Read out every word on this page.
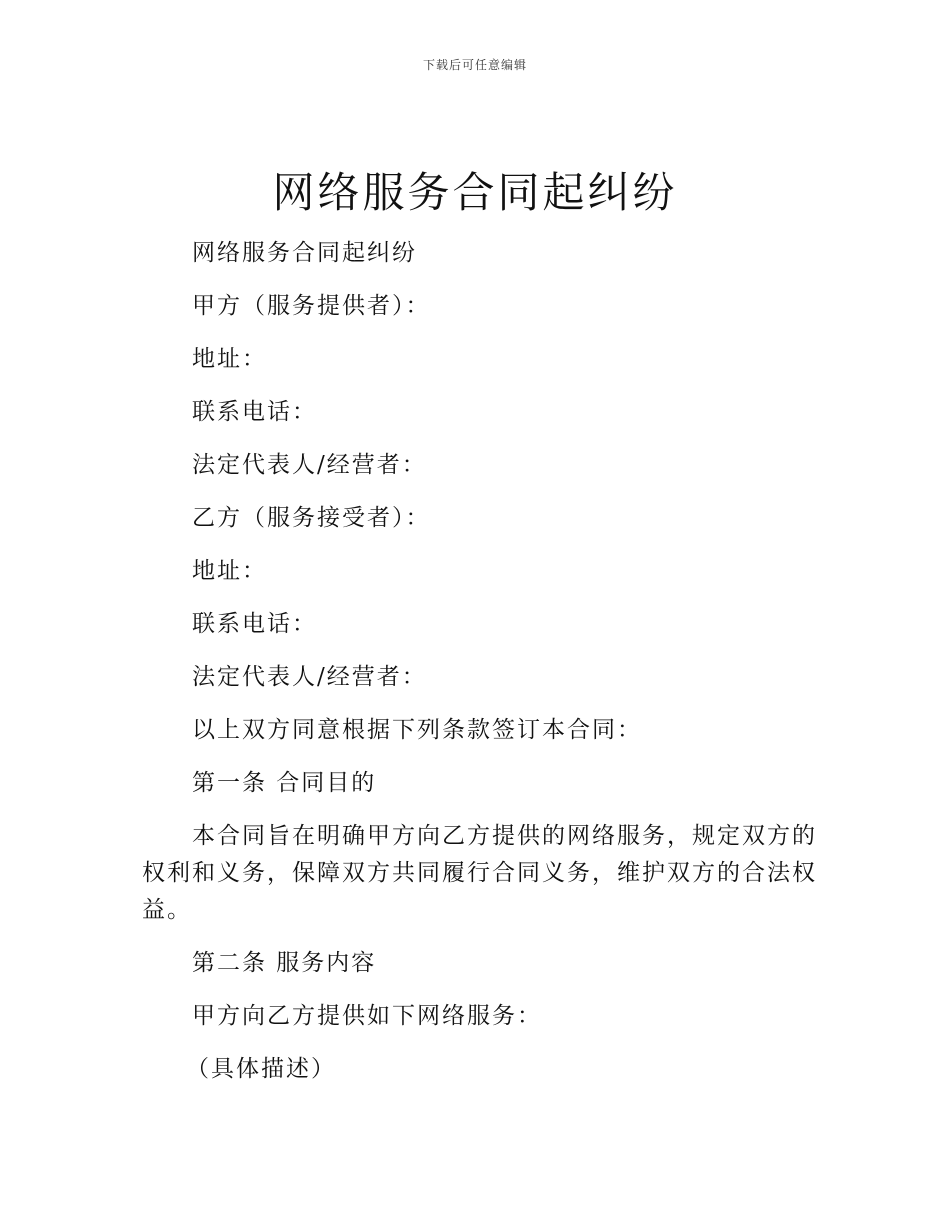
下载后可任意编辑
网络服务合同起纠纷

网络服务合同起纠纷

甲方（服务提供者）：

地址：

联系电话：

法定代表人/经营者：

乙方（服务接受者）：

地址：

联系电话：

法定代表人/经营者：

以上双方同意根据下列条款签订本合同：

第一条 合同目的

本合同旨在明确甲方向乙方提供的网络服务，规定双方的

权利和义务，保障双方共同履行合同义务，维护双方的合法权

益。

第二条 服务内容

甲方向乙方提供如下网络服务：

（具体描述）
